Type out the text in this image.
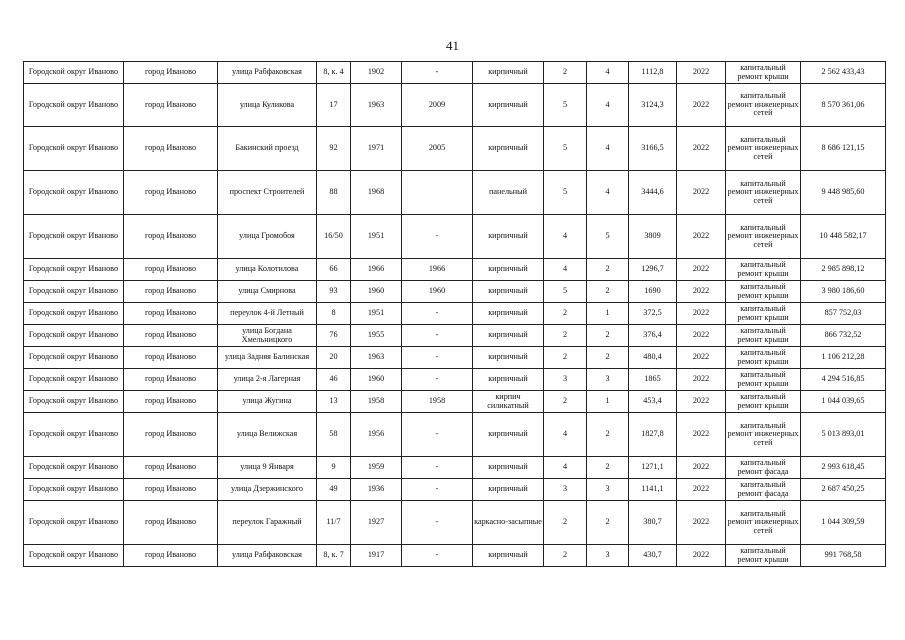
41
Городской округ Иваново	город Иваново	улица Рабфаковская	8, к. 4	1902	-	кирпичный	2	4	1112,8	2022	капитальный ремонт крыши	2 562 433,43
Городской округ Иваново	город Иваново	улица Куликова	17	1963	2009	кирпичный	5	4	3124,3	2022	капитальный ремонт инженерных сетей	8 570 361,06
Городской округ Иваново	город Иваново	Бакинский проезд	92	1971	2005	кирпичный	5	4	3166,5	2022	капитальный ремонт инженерных сетей	8 686 121,15
Городской округ Иваново	город Иваново	проспект Строителей	88	1968		панельный	5	4	3444,6	2022	капитальный ремонт инженерных сетей	9 448 985,60
Городской округ Иваново	город Иваново	улица Громобоя	16/50	1951	-	кирпичный	4	5	3809	2022	капитальный ремонт инженерных сетей	10 448 582,17
Городской округ Иваново	город Иваново	улица Колотилова	66	1966	1966	кирпичный	4	2	1296,7	2022	капитальный ремонт крыши	2 985 898,12
Городской округ Иваново	город Иваново	улица Смирнова	93	1960	1960	кирпичный	5	2	1690	2022	капитальный ремонт крыши	3 980 186,60
Городской округ Иваново	город Иваново	переулок 4-й Летный	8	1951	-	кирпичный	2	1	372,5	2022	капитальный ремонт крыши	857 752,03
Городской округ Иваново	город Иваново	улица Богдана Хмельницкого	76	1955	-	кирпичный	2	2	376,4	2022	капитальный ремонт крыши	866 732,52
Городской округ Иваново	город Иваново	улица Задняя Балинская	20	1963	-	кирпичный	2	2	480,4	2022	капитальный ремонт крыши	1 106 212,28
Городской округ Иваново	город Иваново	улица 2-я Лагерная	46	1960	-	кирпичный	3	3	1865	2022	капитальный ремонт крыши	4 294 516,85
Городской округ Иваново	город Иваново	улица Жугина	13	1958	1958	кирпич силикатный	2	1	453,4	2022	капитальный ремонт крыши	1 044 039,65
Городской округ Иваново	город Иваново	улица Велижская	58	1956	-	кирпичный	4	2	1827,8	2022	капитальный ремонт инженерных сетей	5 013 893,01
Городской округ Иваново	город Иваново	улица 9 Января	9	1959	-	кирпичный	4	2	1271,1	2022	капитальный ремонт фасада	2 993 618,45
Городской округ Иваново	город Иваново	улица Дзержинского	49	1936	-	кирпичный	3	3	1141,1	2022	капитальный ремонт фасада	2 687 450,25
Городской округ Иваново	город Иваново	переулок Гаражный	11/7	1927	-	каркасно-засыпные	2	2	380,7	2022	капитальный ремонт инженерных сетей	1 044 309,59
Городской округ Иваново	город Иваново	улица Рабфаковская	8, к. 7	1917	-	кирпичный	2	3	430,7	2022	капитальный ремонт крыши	991 768,58
